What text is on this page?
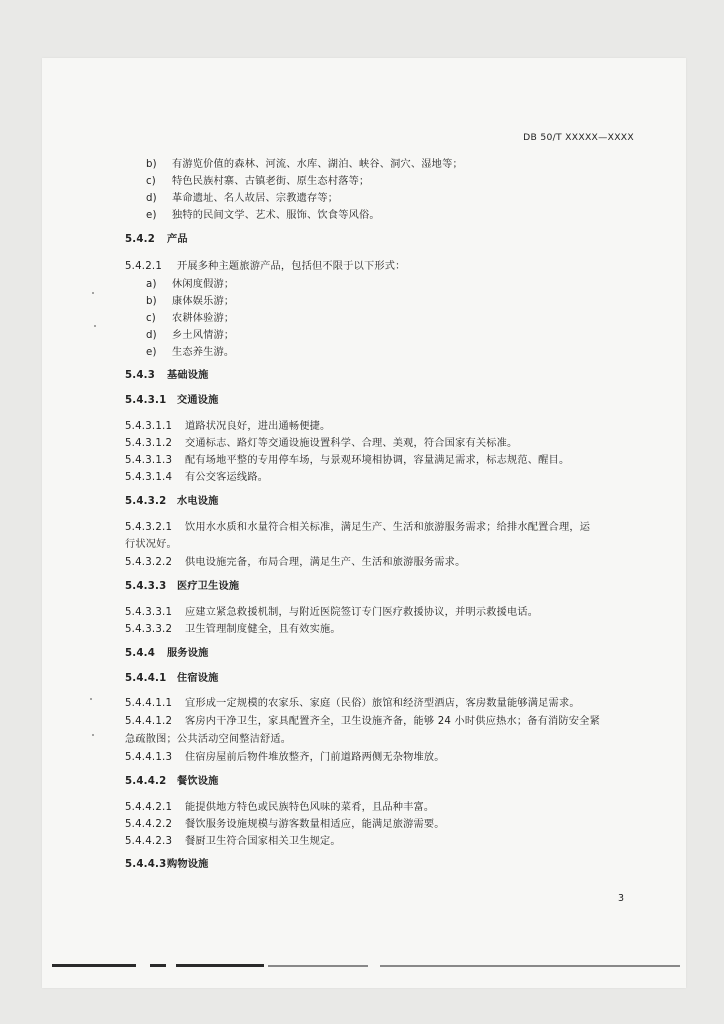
DB 50/T XXXXX—XXXX
b) 有游览价值的森林、河流、水库、湖泊、峡谷、洞穴、湿地等；
c) 特色民族村寨、古镇老街、原生态村落等；
d) 革命遗址、名人故居、宗教遗存等；
e) 独特的民间文学、艺术、服饰、饮食等风俗。
5.4.2 产品
5.4.2.1 开展多种主题旅游产品，包括但不限于以下形式：
a) 休闲度假游；
b) 康体娱乐游；
c) 农耕体验游；
d) 乡土风情游；
e) 生态养生游。
5.4.3 基础设施
5.4.3.1 交通设施
5.4.3.1.1 道路状况良好，进出通畅便捷。
5.4.3.1.2 交通标志、路灯等交通设施设置科学、合理、美观，符合国家有关标准。
5.4.3.1.3 配有场地平整的专用停车场，与景观环境相协调，容量满足需求，标志规范、醒目。
5.4.3.1.4 有公交客运线路。
5.4.3.2 水电设施
5.4.3.2.1 饮用水水质和水量符合相关标准，满足生产、生活和旅游服务需求；给排水配置合理，运
行状况好。
5.4.3.2.2 供电设施完备，布局合理，满足生产、生活和旅游服务需求。
5.4.3.3 医疗卫生设施
5.4.3.3.1 应建立紧急救援机制，与附近医院签订专门医疗救援协议，并明示救援电话。
5.4.3.3.2 卫生管理制度健全，且有效实施。
5.4.4 服务设施
5.4.4.1 住宿设施
5.4.4.1.1 宜形成一定规模的农家乐、家庭（民俗）旅馆和经济型酒店，客房数量能够满足需求。
5.4.4.1.2 客房内干净卫生，家具配置齐全，卫生设施齐备，能够 24 小时供应热水；备有消防安全紧
急疏散图；公共活动空间整洁舒适。
5.4.4.1.3 住宿房屋前后物件堆放整齐，门前道路两侧无杂物堆放。
5.4.4.2 餐饮设施
5.4.4.2.1 能提供地方特色或民族特色风味的菜肴，且品种丰富。
5.4.4.2.2 餐饮服务设施规模与游客数量相适应，能满足旅游需要。
5.4.4.2.3 餐厨卫生符合国家相关卫生规定。
5.4.4.3购物设施
3
